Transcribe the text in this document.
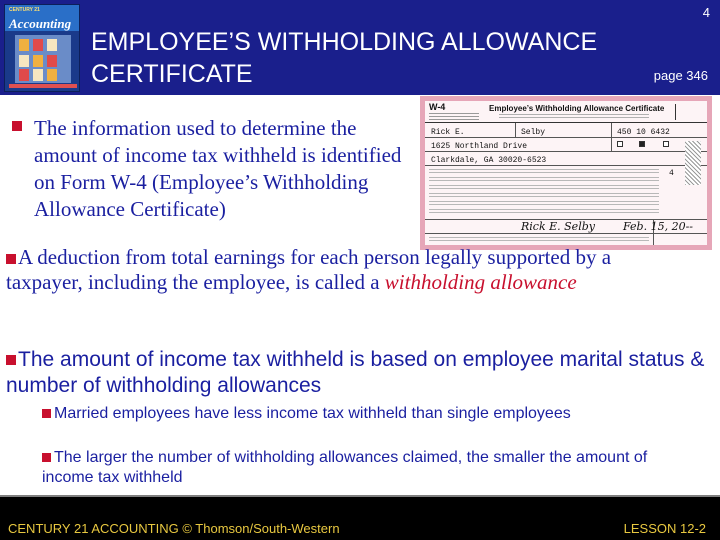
CENTURY 21
Accounting
EMPLOYEE’S WITHHOLDING ALLOWANCE CERTIFICATE
4
page 346
W-4	Employee’s Withholding Allowance Certificate
Rick E.	Selby	450 10 6432
1625 Northland Drive
Clarkdale, GA 30020-6523
4
Rick E. Selby	Feb. 15, 20--
The information used to determine the amount of income tax withheld is identified on Form W-4 (Employee’s Withholding Allowance Certificate)
A deduction from total earnings for each person legally supported by a taxpayer, including the employee, is called a withholding allowance
The amount of income tax withheld is based on employee marital status & number of withholding allowances
Married employees have less income tax withheld than single employees
The larger the number of withholding allowances claimed, the smaller the amount of income tax withheld
CENTURY 21 ACCOUNTING © Thomson/South-Western	LESSON 12-2
